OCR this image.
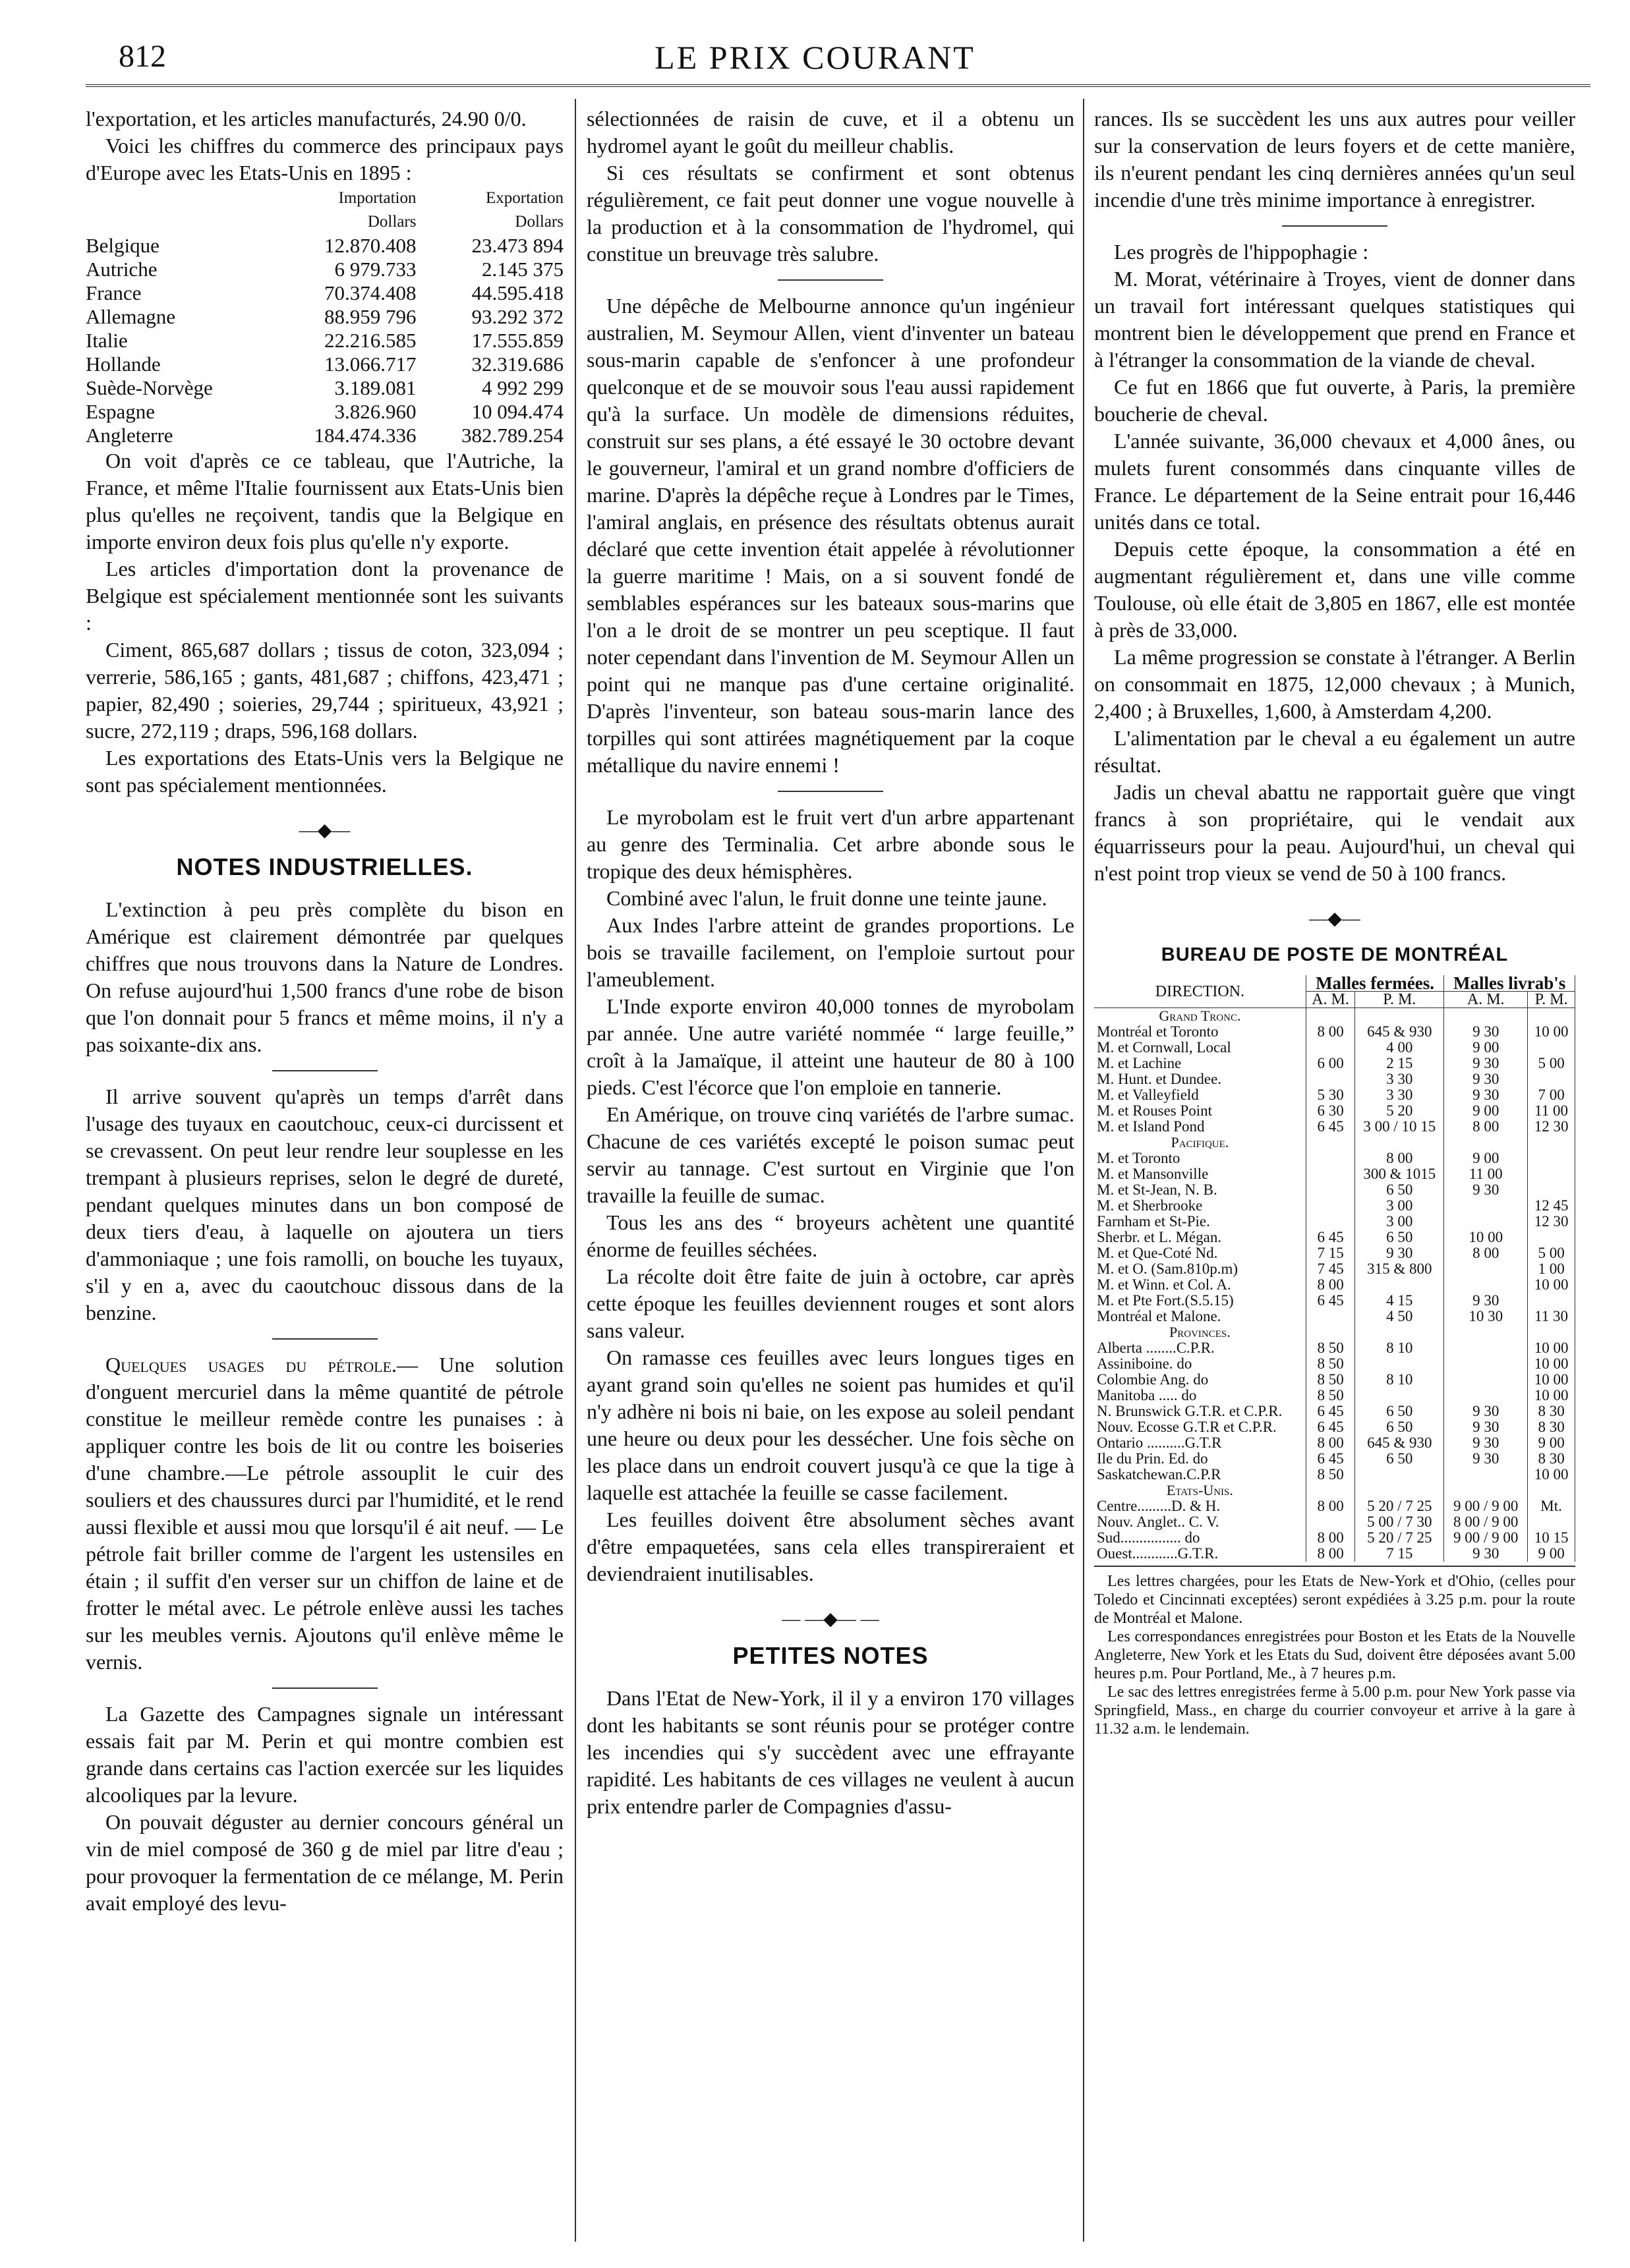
812	LE PRIX COURANT

l'exportation, et les articles manufacturés, 24.90 0/0.

Voici les chiffres du commerce des principaux pays d'Europe avec les Etats-Unis en 1895 :

	Importation	Exportation
	Dollars	Dollars
Belgique	12.870.408	23.473 894
Autriche	6 979.733	2.145 375
France	70.374.408	44.595.418
Allemagne	88.959 796	93.292 372
Italie	22.216.585	17.555.859
Hollande	13.066.717	32.319.686
Suède-Norvège	3.189.081	4 992 299
Espagne	3.826.960	10 094.474
Angleterre	184.474.336	382.789.254

On voit d'après ce ce tableau, que l'Autriche, la France, et même l'Italie fournissent aux Etats-Unis bien plus qu'elles ne reçoivent, tandis que la Belgique en importe environ deux fois plus qu'elle n'y exporte.

Les articles d'importation dont la provenance de Belgique est spécialement mentionnée sont les suivants :

Ciment, 865,687 dollars ; tissus de coton, 323,094 ; verrerie, 586,165 ; gants, 481,687 ; chiffons, 423,471 ; papier, 82,490 ; soieries, 29,744 ; spiritueux, 43,921 ; sucre, 272,119 ; draps, 596,168 dollars.

Les exportations des Etats-Unis vers la Belgique ne sont pas spécialement mentionnées.

—◆—
NOTES INDUSTRIELLES.

L'extinction à peu près complète du bison en Amérique est clairement démontrée par quelques chiffres que nous trouvons dans la Nature de Londres. On refuse aujourd'hui 1,500 francs d'une robe de bison que l'on donnait pour 5 francs et même moins, il n'y a pas soixante-dix ans.

Il arrive souvent qu'après un temps d'arrêt dans l'usage des tuyaux en caoutchouc, ceux-ci durcissent et se crevassent. On peut leur rendre leur souplesse en les trempant à plusieurs reprises, selon le degré de dureté, pendant quelques minutes dans un bon composé de deux tiers d'eau, à laquelle on ajoutera un tiers d'ammoniaque ; une fois ramolli, on bouche les tuyaux, s'il y en a, avec du caoutchouc dissous dans de la benzine.

Quelques usages du pétrole.— Une solution d'onguent mercuriel dans la même quantité de pétrole constitue le meilleur remède contre les punaises : à appliquer contre les bois de lit ou contre les boiseries d'une chambre.—Le pétrole assouplit le cuir des souliers et des chaussures durci par l'humidité, et le rend aussi flexible et aussi mou que lorsqu'il é ait neuf. — Le pétrole fait briller comme de l'argent les ustensiles en étain ; il suffit d'en verser sur un chiffon de laine et de frotter le métal avec. Le pétrole enlève aussi les taches sur les meubles vernis. Ajoutons qu'il enlève même le vernis.

La Gazette des Campagnes signale un intéressant essais fait par M. Perin et qui montre combien est grande dans certains cas l'action exercée sur les liquides alcooliques par la levure.

On pouvait déguster au dernier concours général un vin de miel composé de 360 g de miel par litre d'eau ; pour provoquer la fermentation de ce mélange, M. Perin avait employé des levu-

sélectionnées de raisin de cuve, et il a obtenu un hydromel ayant le goût du meilleur chablis.

Si ces résultats se confirment et sont obtenus régulièrement, ce fait peut donner une vogue nouvelle à la production et à la consommation de l'hydromel, qui constitue un breuvage très salubre.

Une dépêche de Melbourne annonce qu'un ingénieur australien, M. Seymour Allen, vient d'inventer un bateau sous-marin capable de s'enfoncer à une profondeur quelconque et de se mouvoir sous l'eau aussi rapidement qu'à la surface. Un modèle de dimensions réduites, construit sur ses plans, a été essayé le 30 octobre devant le gouverneur, l'amiral et un grand nombre d'officiers de marine. D'après la dépêche reçue à Londres par le Times, l'amiral anglais, en présence des résultats obtenus aurait déclaré que cette invention était appelée à révolutionner la guerre maritime ! Mais, on a si souvent fondé de semblables espérances sur les bateaux sous-marins que l'on a le droit de se montrer un peu sceptique. Il faut noter cependant dans l'invention de M. Seymour Allen un point qui ne manque pas d'une certaine originalité. D'après l'inventeur, son bateau sous-marin lance des torpilles qui sont attirées magnétiquement par la coque métallique du navire ennemi !

Le myrobolam est le fruit vert d'un arbre appartenant au genre des Terminalia. Cet arbre abonde sous le tropique des deux hémisphères.

Combiné avec l'alun, le fruit donne une teinte jaune.

Aux Indes l'arbre atteint de grandes proportions. Le bois se travaille facilement, on l'emploie surtout pour l'ameublement.

L'Inde exporte environ 40,000 tonnes de myrobolam par année. Une autre variété nommée “ large feuille,” croît à la Jamaïque, il atteint une hauteur de 80 à 100 pieds. C'est l'écorce que l'on emploie en tannerie.

En Amérique, on trouve cinq variétés de l'arbre sumac. Chacune de ces variétés excepté le poison sumac peut servir au tannage. C'est surtout en Virginie que l'on travaille la feuille de sumac.

Tous les ans des “ broyeurs achètent une quantité énorme de feuilles séchées.

La récolte doit être faite de juin à octobre, car après cette époque les feuilles deviennent rouges et sont alors sans valeur.

On ramasse ces feuilles avec leurs longues tiges en ayant grand soin qu'elles ne soient pas humides et qu'il n'y adhère ni bois ni baie, on les expose au soleil pendant une heure ou deux pour les dessécher. Une fois sèche on les place dans un endroit couvert jusqu'à ce que la tige à laquelle est attachée la feuille se casse facilement.

Les feuilles doivent être absolument sèches avant d'être empaquetées, sans cela elles transpireraient et deviendraient inutilisables.

— —◆— —
PETITES NOTES

Dans l'Etat de New-York, il il y a environ 170 villages dont les habitants se sont réunis pour se protéger contre les incendies qui s'y succèdent avec une effrayante rapidité. Les habitants de ces villages ne veulent à aucun prix entendre parler de Compagnies d'assu-

rances. Ils se succèdent les uns aux autres pour veiller sur la conservation de leurs foyers et de cette manière, ils n'eurent pendant les cinq dernières années qu'un seul incendie d'une très minime importance à enregistrer.

Les progrès de l'hippophagie :

M. Morat, vétérinaire à Troyes, vient de donner dans un travail fort intéressant quelques statistiques qui montrent bien le développement que prend en France et à l'étranger la consommation de la viande de cheval.

Ce fut en 1866 que fut ouverte, à Paris, la première boucherie de cheval.

L'année suivante, 36,000 chevaux et 4,000 ânes, ou mulets furent consommés dans cinquante villes de France. Le département de la Seine entrait pour 16,446 unités dans ce total.

Depuis cette époque, la consommation a été en augmentant régulièrement et, dans une ville comme Toulouse, où elle était de 3,805 en 1867, elle est montée à près de 33,000.

La même progression se constate à l'étranger. A Berlin on consommait en 1875, 12,000 chevaux ; à Munich, 2,400 ; à Bruxelles, 1,600, à Amsterdam 4,200.

L'alimentation par le cheval a eu également un autre résultat.

Jadis un cheval abattu ne rapportait guère que vingt francs à son propriétaire, qui le vendait aux équarrisseurs pour la peau. Aujourd'hui, un cheval qui n'est point trop vieux se vend de 50 à 100 francs.

—◆—
BUREAU DE POSTE DE MONTRÉAL
DIRECTION.	Malles fermées.		Malles livrab's	
	A. M.	P. M.	A. M.	P. M.
Grand Tronc.				
Montréal et Toronto	8 00	645 & 930	9 30	10 00
M. et Cornwall, Local		4 00	9 00	
M. et Lachine	6 00	2 15	9 30	5 00
M. Hunt. et Dundee.		3 30	9 30	
M. et Valleyfield	5 30	3 30	9 30	7 00
M. et Rouses Point	6 30	5 20	9 00	11 00
M. et Island Pond	6 45	3 00 / 10 15	8 00	12 30
Pacifique.				
M. et Toronto		8 00	9 00	
M. et Mansonville		300 & 1015	11 00	
M. et St-Jean, N. B.		6 50	9 30	
M. et Sherbrooke		3 00		12 45
Farnham et St-Pie.		3 00		12 30
Sherbr. et L. Mégan.	6 45	6 50	10 00	
M. et Que-Coté Nd.	7 15	9 30	8 00	5 00
M. et O. (Sam.810p.m)	7 45	315 & 800		1 00
M. et Winn. et Col. A.	8 00			10 00
M. et Pte Fort.(S.5.15)	6 45	4 15	9 30	
Montréal et Malone.		4 50	10 30	11 30
Provinces.				
Alberta ........C.P.R.	8 50	8 10		10 00
Assiniboine. do	8 50			10 00
Colombie Ang. do	8 50	8 10		10 00
Manitoba ..... do	8 50			10 00
N. Brunswick G.T.R. et C.P.R.	6 45	6 50	9 30	8 30
Nouv. Ecosse G.T.R et C.P.R.	6 45	6 50	9 30	8 30
Ontario ..........G.T.R	8 00	645 & 930	9 30	9 00
Ile du Prin. Ed. do	6 45	6 50	9 30	8 30
Saskatchewan.C.P.R	8 50			10 00
Etats-Unis.				
Centre.........D. & H.	8 00	5 20 / 7 25	9 00 / 9 00	Mt.
Nouv. Anglet.. C. V.		5 00 / 7 30	8 00 / 9 00	
Sud................ do	8 00	5 20 / 7 25	9 00 / 9 00	10 15
Ouest............G.T.R.	8 00	7 15	9 30	9 00

Les lettres chargées, pour les Etats de New-York et d'Ohio, (celles pour Toledo et Cincinnati exceptées) seront expédiées à 3.25 p.m. pour la route de Montréal et Malone.

Les correspondances enregistrées pour Boston et les Etats de la Nouvelle Angleterre, New York et les Etats du Sud, doivent être déposées avant 5.00 heures p.m. Pour Portland, Me., à 7 heures p.m.

Le sac des lettres enregistrées ferme à 5.00 p.m. pour New York passe via Springfield, Mass., en charge du courrier convoyeur et arrive à la gare à 11.32 a.m. le lendemain.
